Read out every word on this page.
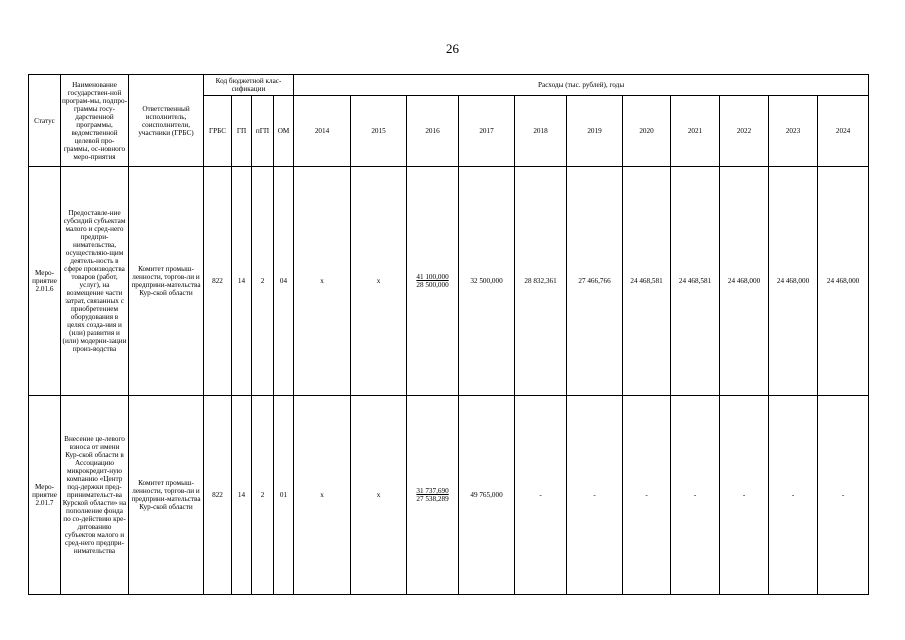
26
Статус	Наименование государствен-ной програм-мы, подпро-граммы госу-дарственной программы, ведомственной целевой про-граммы, ос-новного меро-приятия	Ответственный исполнитель, соисполнители, участники (ГРБС)	Код бюджетной клас-сификации				Расходы (тыс. рублей), годы										
			ГРБС	ГП	пГП	ОМ	2014	2015	2016	2017	2018	2019	2020	2021	2022	2023	2024
Меро-приятие 2.01.6	Предоставле-ние субсидий субъектам малого и сред-него предпри-нимательства, осуществляю-щим деятель-ность в сфере производства товаров (работ, услуг), на возмещение части затрат, связанных с приобретением оборудования в целях созда-ния и (или) развития и (или) модерни-зации произ-водства	Комитет промыш-ленности, торгов-ли и предприни-мательства Кур-ской области	822	14	2	04	х	х	$\frac{41 100,000}{28 500,000}$	32 500,000	28 832,361	27 466,766	24 468,581	24 468,581	24 468,000	24 468,000	24 468,000
Меро-приятие 2.01.7	Внесение це-левого взноса от имени Кур-ской области в Ассоциацию микрокредит-ную компанию «Центр под-держки пред-принимательст-ва Курской области» на пополнение фонда по со-действию кре-дитованию субъектов малого и сред-него предпри-нимательства	Комитет промыш-ленности, торгов-ли и предприни-мательства Кур-ской области	822	14	2	01	х	х	$\frac{31 737,690}{27 538,289}$	49 765,000	-	-	-	-	-	-	-
